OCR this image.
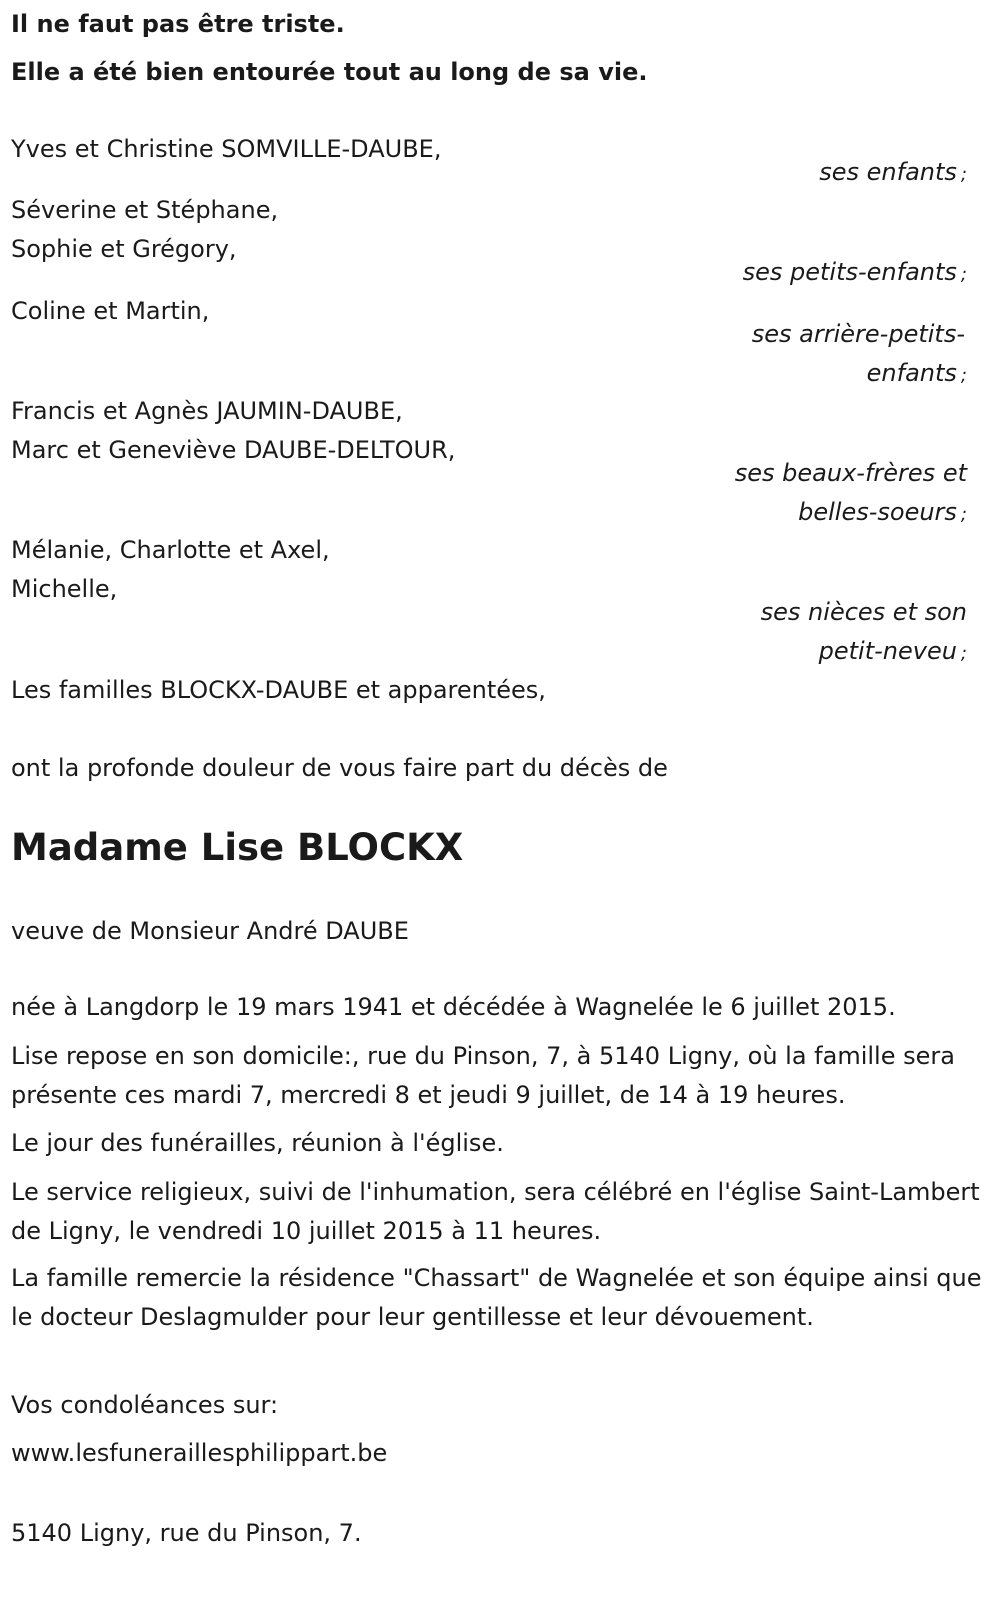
Il ne faut pas être triste.
Elle a été bien entourée tout au long de sa vie.
Yves et Christine SOMVILLE-DAUBE,
ses enfants ;
Séverine et Stéphane,
Sophie et Grégory,
ses petits-enfants ;
Coline et Martin,
ses arrière-petits-
enfants ;
Francis et Agnès JAUMIN-DAUBE,
Marc et Geneviève DAUBE-DELTOUR,
ses beaux-frères et
belles-soeurs ;
Mélanie, Charlotte et Axel,
Michelle,
ses nièces et son
petit-neveu ;
Les familles BLOCKX-DAUBE et apparentées,
ont la profonde douleur de vous faire part du décès de
Madame Lise BLOCKX
veuve de Monsieur André DAUBE
née à Langdorp le 19 mars 1941 et décédée à Wagnelée le 6 juillet 2015.
Lise repose en son domicile:, rue du Pinson, 7, à 5140 Ligny, où la famille sera présente ces mardi 7, mercredi 8 et jeudi 9 juillet, de 14 à 19 heures.
Le jour des funérailles, réunion à l'église.
Le service religieux, suivi de l'inhumation, sera célébré en l'église Saint-Lambert de Ligny, le vendredi 10 juillet 2015 à 11 heures.
La famille remercie la résidence "Chassart" de Wagnelée et son équipe ainsi que le docteur Deslagmulder pour leur gentillesse et leur dévouement.
Vos condoléances sur:
www.lesfuneraillesphilippart.be
5140 Ligny, rue du Pinson, 7.
